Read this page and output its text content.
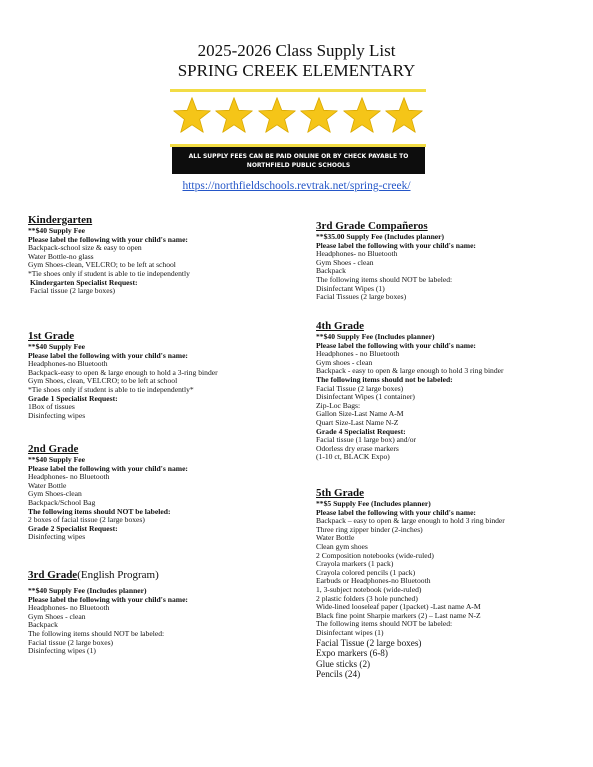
2025-2026 Class Supply List
SPRING CREEK ELEMENTARY
ALL SUPPLY FEES CAN BE PAID ONLINE OR BY CHECK PAYABLE TO
NORTHFIELD PUBLIC SCHOOLS
https://northfieldschools.revtrak.net/spring-creek/
Kindergarten
**$40 Supply Fee
Please label the following with your child's name:
Backpack-school size & easy to open
Water Bottle-no glass
Gym Shoes-clean, VELCRO; to be left at school
*Tie shoes only if student is able to tie independently
Kindergarten Specialist Request:
Facial tissue (2 large boxes)
1st Grade
**$40 Supply Fee
Please label the following with your child's name:
Headphones-no Bluetooth
Backpack-easy to open & large enough to hold a 3-ring binder
Gym Shoes, clean, VELCRO; to be left at school
*Tie shoes only if student is able to tie independently*
Grade 1 Specialist Request:
1Box of tissues
Disinfecting wipes
2nd Grade
**$40 Supply Fee
Please label the following with your child's name:
Headphones- no Bluetooth
Water Bottle
Gym Shoes-clean
Backpack/School Bag
The following items should NOT be labeled:
2 boxes of facial tissue (2 large boxes)
Grade 2 Specialist Request:
Disinfecting wipes
3rd Grade(English Program)
**$40 Supply Fee (Includes planner)
Please label the following with your child's name:
Headphones- no Bluetooth
Gym Shoes - clean
Backpack
The following items should NOT be labeled:
Facial tissue (2 large boxes)
Disinfecting wipes (1)
3rd Grade Compañeros
**$35.00 Supply Fee (Includes planner)
Please label the following with your child's name:
Headphones- no Bluetooth
Gym Shoes - clean
Backpack
The following items should NOT be labeled:
Disinfectant Wipes (1)
Facial Tissues (2 large boxes)
4th Grade
**$40 Supply Fee (Includes planner)
Please label the following with your child's name:
Headphones - no Bluetooth
Gym shoes - clean
Backpack - easy to open & large enough to hold 3 ring binder
The following items should not be labeled:
Facial Tissue (2 large boxes)
Disinfectant Wipes (1 container)
Zip-Loc Bags:
Gallon Size-Last Name A-M
Quart Size-Last Name N-Z
Grade 4 Specialist Request:
Facial tissue (1 large box) and/or
Odorless dry erase markers
(1-10 ct, BLACK Expo)
5th Grade
**$5 Supply Fee (Includes planner)
Please label the following with your child's name:
Backpack – easy to open & large enough to hold 3 ring binder
Three ring zipper binder (2-inches)
Water Bottle
Clean gym shoes
2 Composition notebooks (wide-ruled)
Crayola markers (1 pack)
Crayola colored pencils (1 pack)
Earbuds or Headphones-no Bluetooth
1, 3-subject notebook (wide-ruled)
2 plastic folders (3 hole punched)
Wide-lined looseleaf paper (1packet) -Last name A-M
Black fine point Sharpie markers (2) – Last name N-Z
The following items should NOT be labeled:
Disinfectant wipes (1)
Facial Tissue (2 large boxes)
Expo markers (6-8)
Glue sticks (2)
Pencils (24)
